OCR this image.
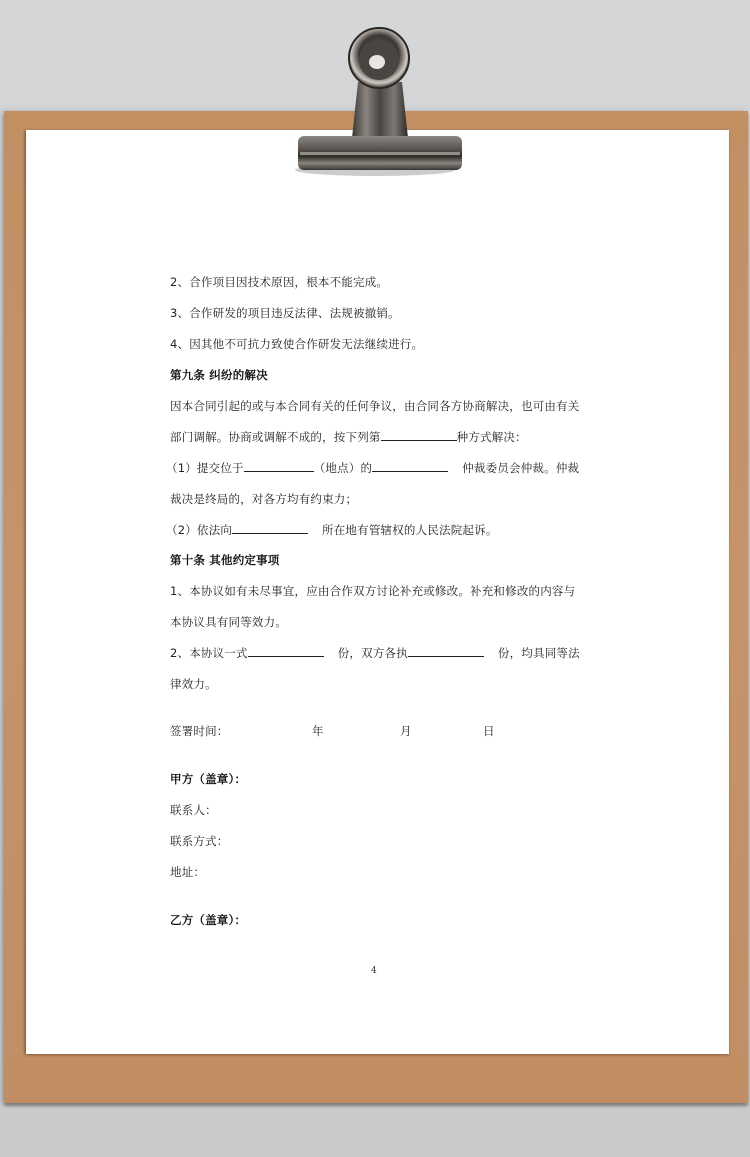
2、合作项目因技术原因，根本不能完成。
3、合作研发的项目违反法律、法规被撤销。
4、因其他不可抗力致使合作研发无法继续进行。
第九条 纠纷的解决
因本合同引起的或与本合同有关的任何争议，由合同各方协商解决，也可由有关
部门调解。协商或调解不成的，按下列第	种方式解决：
（1）提交位于	（地点）的	仲裁委员会仲裁。仲裁
裁决是终局的，对各方均有约束力；
（2）依法向	所在地有管辖权的人民法院起诉。
第十条 其他约定事项
1、本协议如有未尽事宜，应由合作双方讨论补充或修改。补充和修改的内容与
本协议具有同等效力。
2、本协议一式	份，双方各执	份，均具同等法
律效力。
签署时间：	年	月	日
甲方（盖章）：
联系人：
联系方式：
地址：
乙方（盖章）：
4
